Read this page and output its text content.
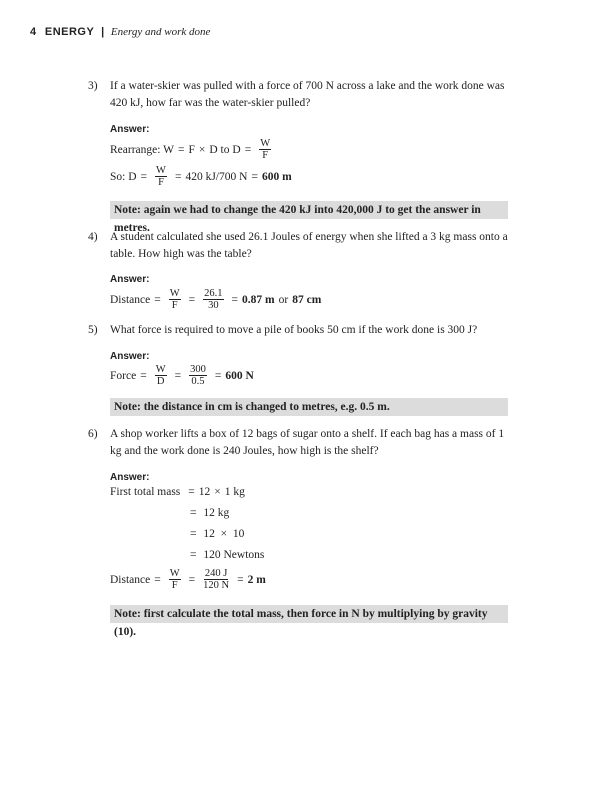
4 ENERGY | Energy and work done
3) If a water-skier was pulled with a force of 700 N across a lake and the work done was 420 kJ, how far was the water-skier pulled?
Answer:
Rearrange: W = F × D to $D = \frac{W}{F}$
So: $D = \frac{W}{F} = 420$ kJ/700 N = 600 m
Note: again we had to change the 420 kJ into 420,000 J to get the answer in metres.
4) A student calculated she used 26.1 Joules of energy when she lifted a 3 kg mass onto a table. How high was the table?
Answer:
Distance = $\frac{W}{F} = \frac{26.1}{30} = 0.87$ m or 87 cm
5) What force is required to move a pile of books 50 cm if the work done is 300 J?
Answer:
Force = $\frac{W}{D} = \frac{300}{0.5} = 600$ N
Note: the distance in cm is changed to metres, e.g. 0.5 m.
6) A shop worker lifts a box of 12 bags of sugar onto a shelf. If each bag has a mass of 1 kg and the work done is 240 Joules, how high is the shelf?
Answer:
First total mass = 12 × 1 kg
= 12 kg
= 12  ×  10
= 120 Newtons
Distance = $\frac{W}{F} = \frac{240 J}{120 N} = 2$ m
Note: first calculate the total mass, then force in N by multiplying by gravity (10).
